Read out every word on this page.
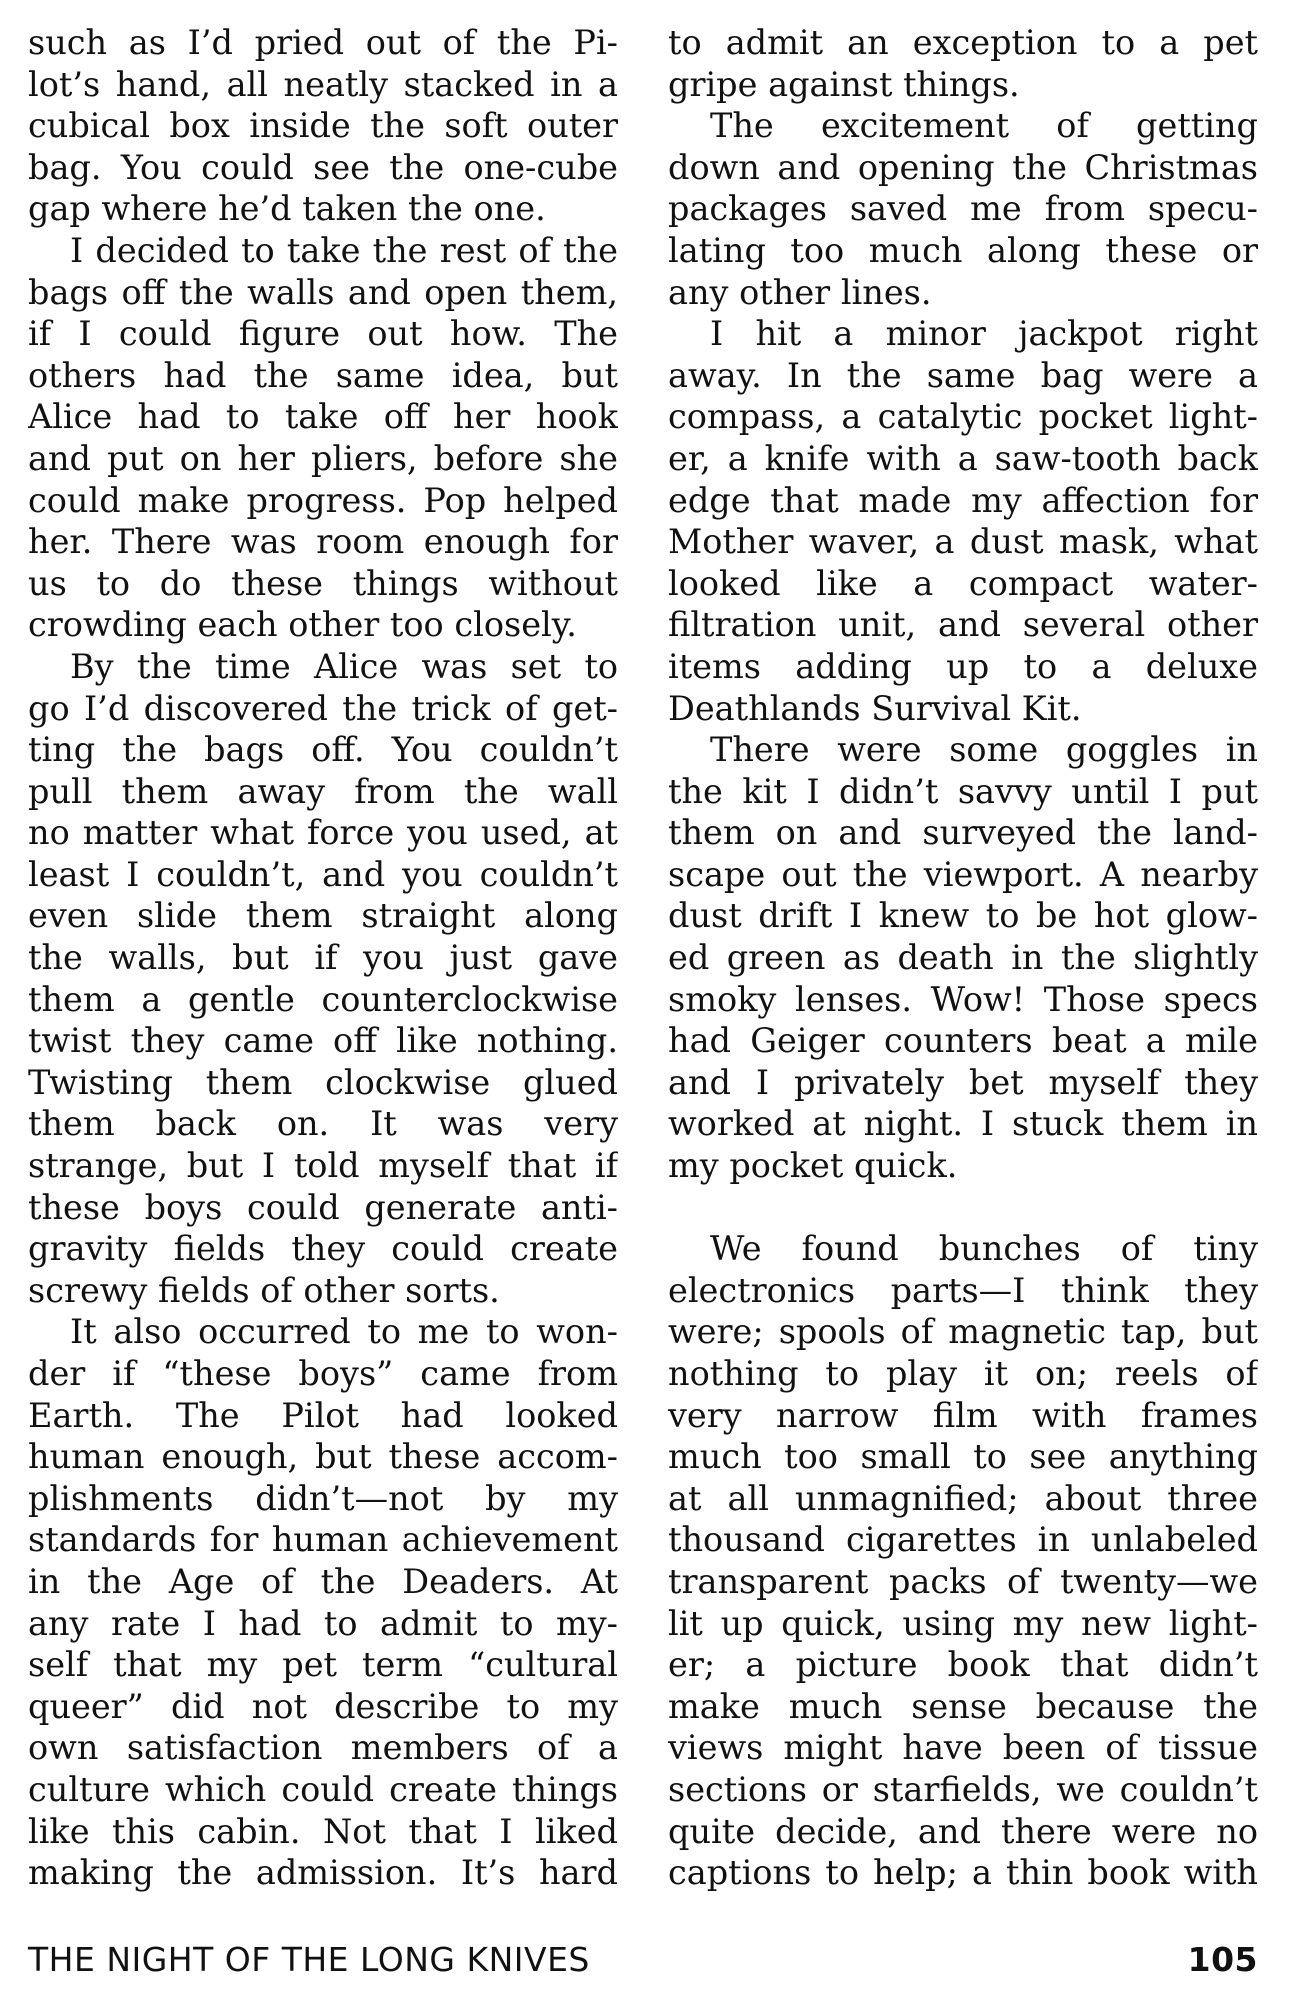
such as I’d pried out of the Pi-
lot’s hand, all neatly stacked in a
cubical box inside the soft outer
bag. You could see the one-cube
gap where he’d taken the one.
I decided to take the rest of the
bags off the walls and open them,
if I could figure out how. The
others had the same idea, but
Alice had to take off her hook
and put on her pliers, before she
could make progress. Pop helped
her. There was room enough for
us to do these things without
crowding each other too closely.
By the time Alice was set to
go I’d discovered the trick of get-
ting the bags off. You couldn’t
pull them away from the wall
no matter what force you used, at
least I couldn’t, and you couldn’t
even slide them straight along
the walls, but if you just gave
them a gentle counterclockwise
twist they came off like nothing.
Twisting them clockwise glued
them back on. It was very
strange, but I told myself that if
these boys could generate anti-
gravity fields they could create
screwy fields of other sorts.
It also occurred to me to won-
der if “these boys” came from
Earth. The Pilot had looked
human enough, but these accom-
plishments didn’t—not by my
standards for human achievement
in the Age of the Deaders. At
any rate I had to admit to my-
self that my pet term “cultural
queer” did not describe to my
own satisfaction members of a
culture which could create things
like this cabin. Not that I liked
making the admission. It’s hard
to admit an exception to a pet
gripe against things.
The excitement of getting
down and opening the Christmas
packages saved me from specu-
lating too much along these or
any other lines.
I hit a minor jackpot right
away. In the same bag were a
compass, a catalytic pocket light-
er, a knife with a saw-tooth back
edge that made my affection for
Mother waver, a dust mask, what
looked like a compact water-
filtration unit, and several other
items adding up to a deluxe
Deathlands Survival Kit.
There were some goggles in
the kit I didn’t savvy until I put
them on and surveyed the land-
scape out the viewport. A nearby
dust drift I knew to be hot glow-
ed green as death in the slightly
smoky lenses. Wow! Those specs
had Geiger counters beat a mile
and I privately bet myself they
worked at night. I stuck them in
my pocket quick.
We found bunches of tiny
electronics parts—I think they
were; spools of magnetic tap, but
nothing to play it on; reels of
very narrow film with frames
much too small to see anything
at all unmagnified; about three
thousand cigarettes in unlabeled
transparent packs of twenty—we
lit up quick, using my new light-
er; a picture book that didn’t
make much sense because the
views might have been of tissue
sections or starfields, we couldn’t
quite decide, and there were no
captions to help; a thin book with
THE NIGHT OF THE LONG KNIVES	105
